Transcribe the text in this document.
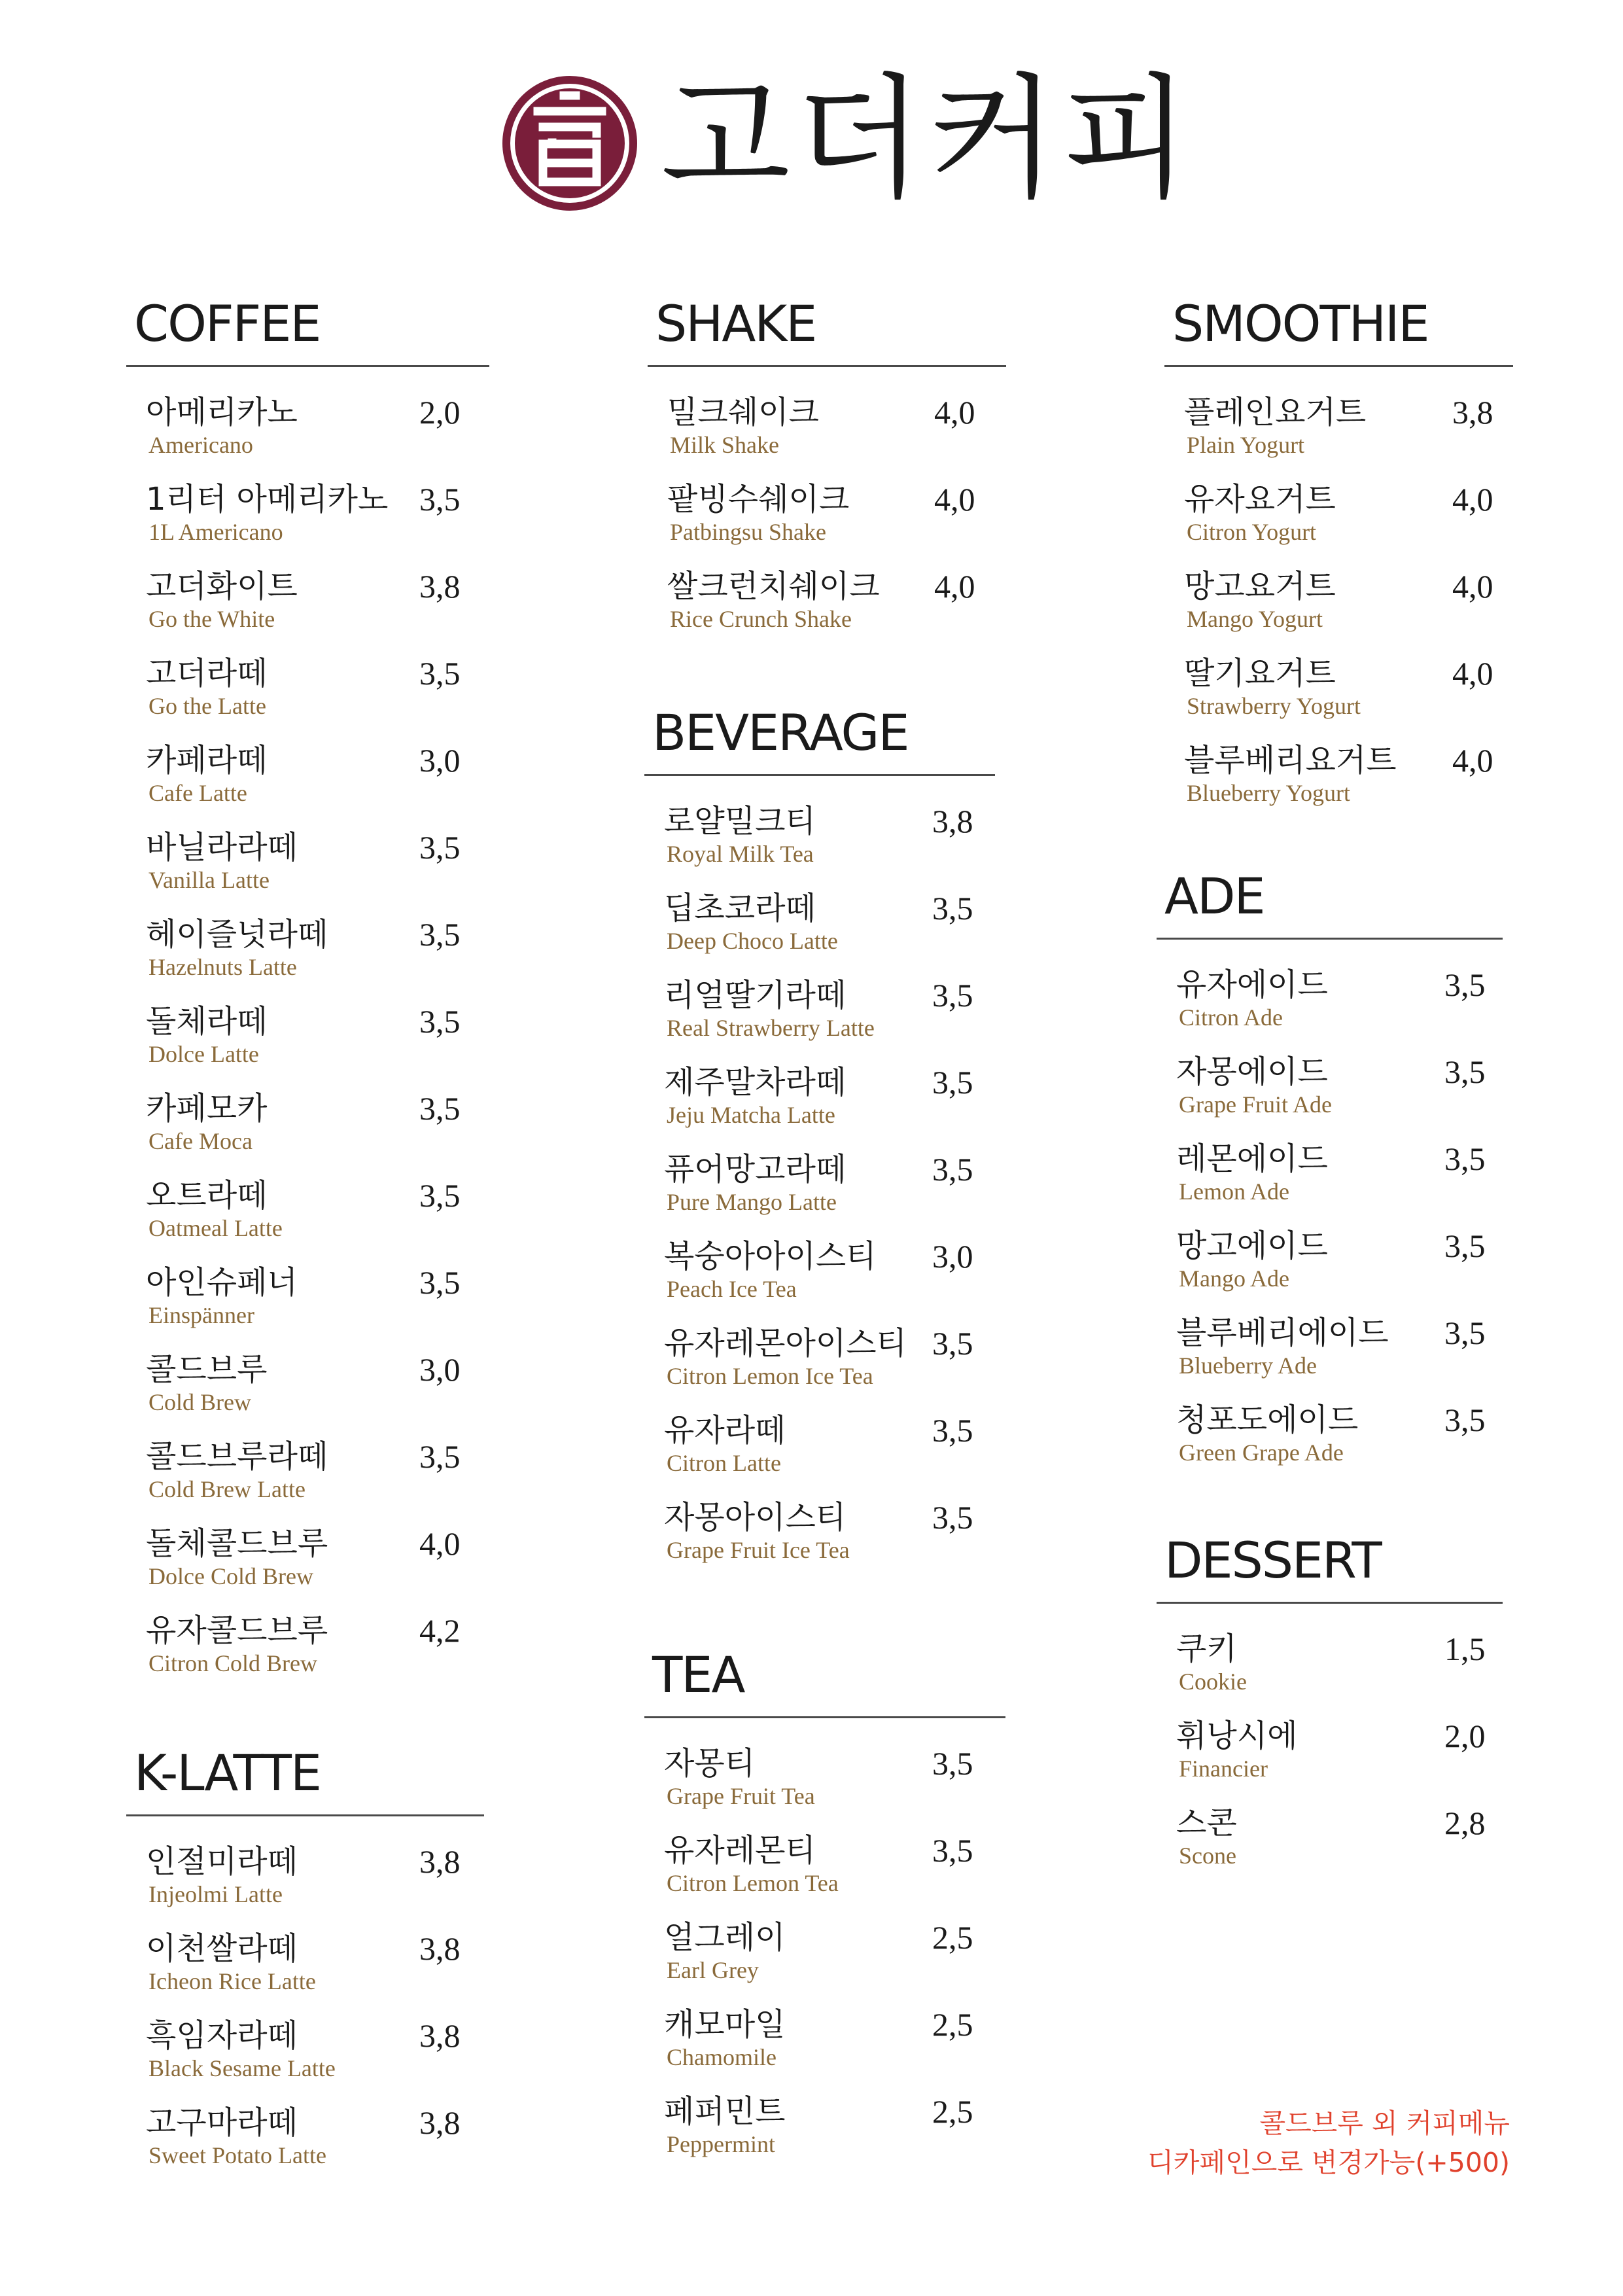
고더커피
COFFEE
아메리카노
Americano
2,0
1리터 아메리카노
1L Americano
3,5
고더화이트
Go the White
3,8
고더라떼
Go the Latte
3,5
카페라떼
Cafe Latte
3,0
바닐라라떼
Vanilla Latte
3,5
헤이즐넛라떼
Hazelnuts Latte
3,5
돌체라떼
Dolce Latte
3,5
카페모카
Cafe Moca
3,5
오트라떼
Oatmeal Latte
3,5
아인슈페너
Einspänner
3,5
콜드브루
Cold Brew
3,0
콜드브루라떼
Cold Brew Latte
3,5
돌체콜드브루
Dolce Cold Brew
4,0
유자콜드브루
Citron Cold Brew
4,2
K-LATTE
인절미라떼
Injeolmi Latte
3,8
이천쌀라떼
Icheon Rice Latte
3,8
흑임자라떼
Black Sesame Latte
3,8
고구마라떼
Sweet Potato Latte
3,8
SHAKE
밀크쉐이크
Milk Shake
4,0
팥빙수쉐이크
Patbingsu Shake
4,0
쌀크런치쉐이크
Rice Crunch Shake
4,0
BEVERAGE
로얄밀크티
Royal Milk Tea
3,8
딥초코라떼
Deep Choco Latte
3,5
리얼딸기라떼
Real Strawberry Latte
3,5
제주말차라떼
Jeju Matcha Latte
3,5
퓨어망고라떼
Pure Mango Latte
3,5
복숭아아이스티
Peach Ice Tea
3,0
유자레몬아이스티
Citron Lemon Ice Tea
3,5
유자라떼
Citron Latte
3,5
자몽아이스티
Grape Fruit Ice Tea
3,5
TEA
자몽티
Grape Fruit Tea
3,5
유자레몬티
Citron Lemon Tea
3,5
얼그레이
Earl Grey
2,5
캐모마일
Chamomile
2,5
페퍼민트
Peppermint
2,5
SMOOTHIE
플레인요거트
Plain Yogurt
3,8
유자요거트
Citron Yogurt
4,0
망고요거트
Mango Yogurt
4,0
딸기요거트
Strawberry Yogurt
4,0
블루베리요거트
Blueberry Yogurt
4,0
ADE
유자에이드
Citron Ade
3,5
자몽에이드
Grape Fruit Ade
3,5
레몬에이드
Lemon Ade
3,5
망고에이드
Mango Ade
3,5
블루베리에이드
Blueberry Ade
3,5
청포도에이드
Green Grape Ade
3,5
DESSERT
쿠키
Cookie
1,5
휘낭시에
Financier
2,0
스콘
Scone
2,8
콜드브루 외 커피메뉴
디카페인으로 변경가능(+500)
